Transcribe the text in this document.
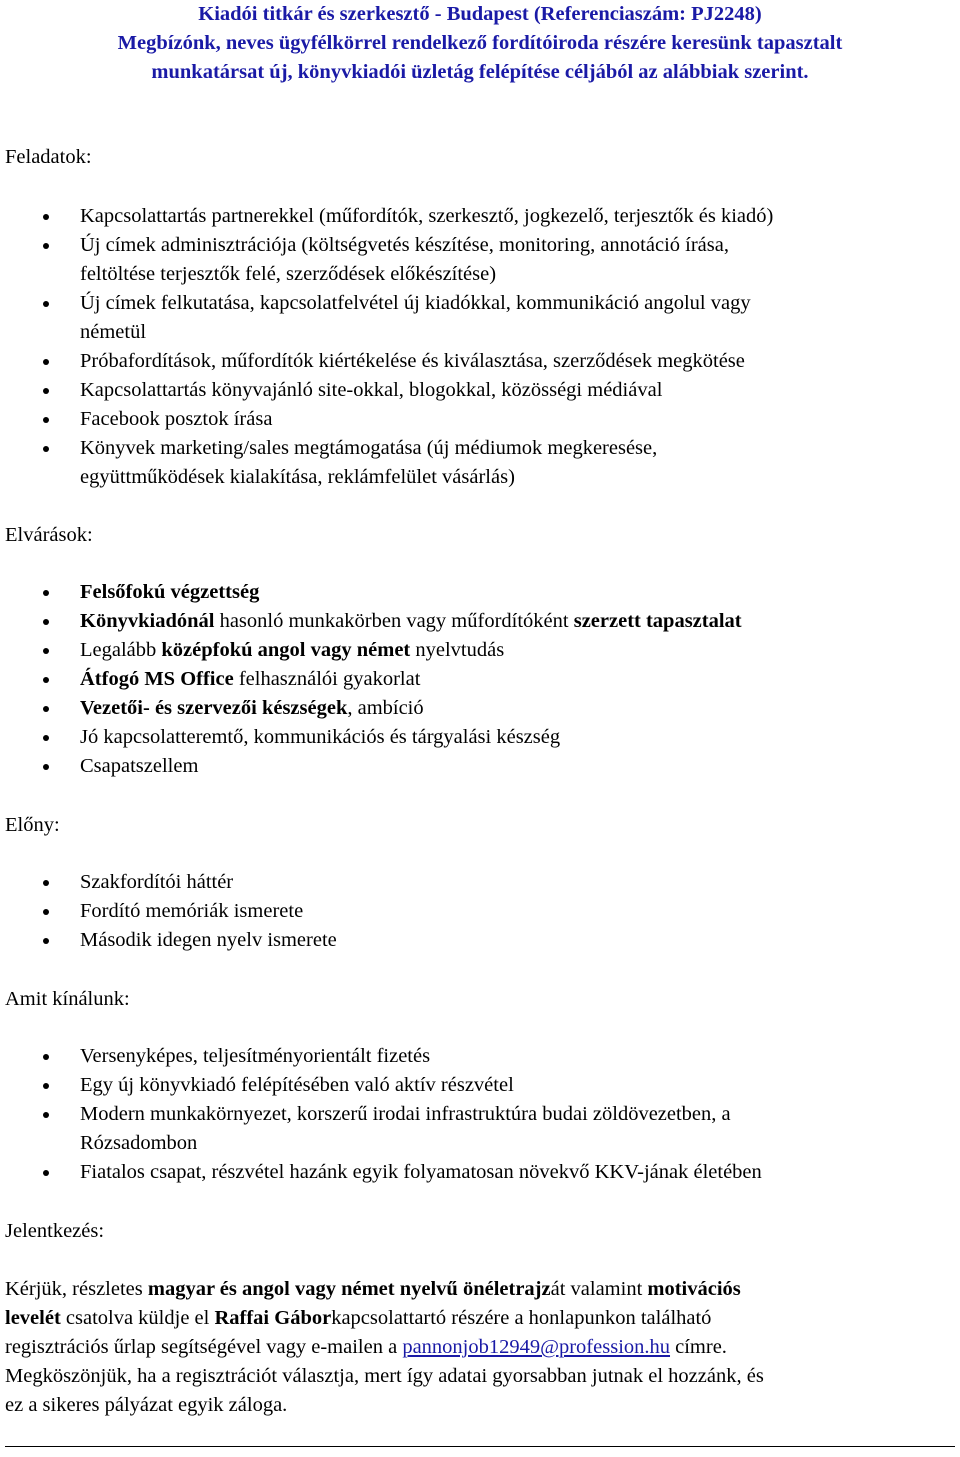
Kiadói titkár és szerkesztő - Budapest (Referenciaszám: PJ2248)
Megbízónk, neves ügyfélkörrel rendelkező fordítóiroda részére keresünk tapasztalt
munkatársat új, könyvkiadói üzletág felépítése céljából az alábbiak szerint.
Feladatok:
Kapcsolattartás partnerekkel (műfordítók, szerkesztő, jogkezelő, terjesztők és kiadó)
Új címek adminisztrációja (költségvetés készítése, monitoring, annotáció írása,
feltöltése terjesztők felé, szerződések előkészítése)
Új címek felkutatása, kapcsolatfelvétel új kiadókkal, kommunikáció angolul vagy
németül
Próbafordítások, műfordítók kiértékelése és kiválasztása, szerződések megkötése
Kapcsolattartás könyvajánló site-okkal, blogokkal, közösségi médiával
Facebook posztok írása
Könyvek marketing/sales megtámogatása (új médiumok megkeresése,
együttműködések kialakítása, reklámfelület vásárlás)
Elvárások:
Felsőfokú végzettség
Könyvkiadónál hasonló munkakörben vagy műfordítóként szerzett tapasztalat
Legalább középfokú angol vagy német nyelvtudás
Átfogó MS Office felhasználói gyakorlat
Vezetői- és szervezői készségek, ambíció
Jó kapcsolatteremtő, kommunikációs és tárgyalási készség
Csapatszellem
Előny:
Szakfordítói háttér
Fordító memóriák ismerete
Második idegen nyelv ismerete
Amit kínálunk:
Versenyképes, teljesítményorientált fizetés
Egy új könyvkiadó felépítésében való aktív részvétel
Modern munkakörnyezet, korszerű irodai infrastruktúra budai zöldövezetben, a
Rózsadombon
Fiatalos csapat, részvétel hazánk egyik folyamatosan növekvő KKV-jának életében
Jelentkezés:
Kérjük, részletes magyar és angol vagy német nyelvű önéletrajzát valamint motivációs
levelét csatolva küldje el Raffai Gáborkapcsolattartó részére a honlapunkon található
regisztrációs űrlap segítségével vagy e-mailen a pannonjob12949@profession.hu címre.
Megköszönjük, ha a regisztrációt választja, mert így adatai gyorsabban jutnak el hozzánk, és
ez a sikeres pályázat egyik záloga.
